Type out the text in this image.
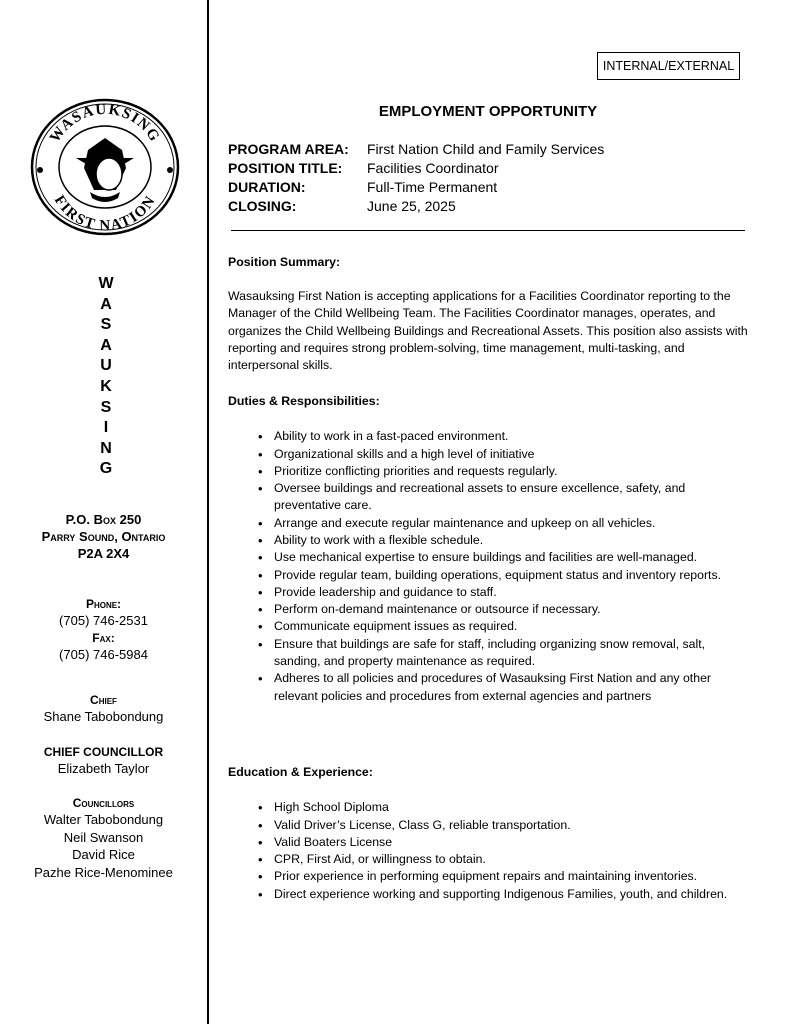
WASAUKSING
FIRST NATION
W
A
S
A
U
K
S
I
N
G
P.O. Box 250
Parry Sound, Ontario
P2A 2X4
Phone:
(705) 746-2531
Fax:
(705) 746-5984
Chief
Shane Tabobondung
CHIEF COUNCILLOR
Elizabeth Taylor
Councillors
Walter Tabobondung
Neil Swanson
David Rice
Pazhe Rice-Menominee
INTERNAL/EXTERNAL
EMPLOYMENT OPPORTUNITY
PROGRAM AREA: First Nation Child and Family Services
POSITION TITLE: Facilities Coordinator
DURATION:	Full-Time Permanent
CLOSING:	June 25, 2025
Position Summary:
Wasauksing First Nation is accepting applications for a Facilities Coordinator reporting to the Manager of the Child Wellbeing Team. The Facilities Coordinator manages, operates, and organizes the Child Wellbeing Buildings and Recreational Assets. This position also assists with reporting and requires strong problem-solving, time management, multi-tasking, and interpersonal skills.
Duties & Responsibilities:
• Ability to work in a fast-paced environment.
• Organizational skills and a high level of initiative
• Prioritize conflicting priorities and requests regularly.
• Oversee buildings and recreational assets to ensure excellence, safety, and preventative care.
• Arrange and execute regular maintenance and upkeep on all vehicles.
• Ability to work with a flexible schedule.
• Use mechanical expertise to ensure buildings and facilities are well-managed.
• Provide regular team, building operations, equipment status and inventory reports.
• Provide leadership and guidance to staff.
• Perform on-demand maintenance or outsource if necessary.
• Communicate equipment issues as required.
• Ensure that buildings are safe for staff, including organizing snow removal, salt, sanding, and property maintenance as required.
• Adheres to all policies and procedures of Wasauksing First Nation and any other relevant policies and procedures from external agencies and partners
Education & Experience:
• High School Diploma
• Valid Driver’s License, Class G, reliable transportation.
• Valid Boaters License
• CPR, First Aid, or willingness to obtain.
• Prior experience in performing equipment repairs and maintaining inventories.
• Direct experience working and supporting Indigenous Families, youth, and children.
